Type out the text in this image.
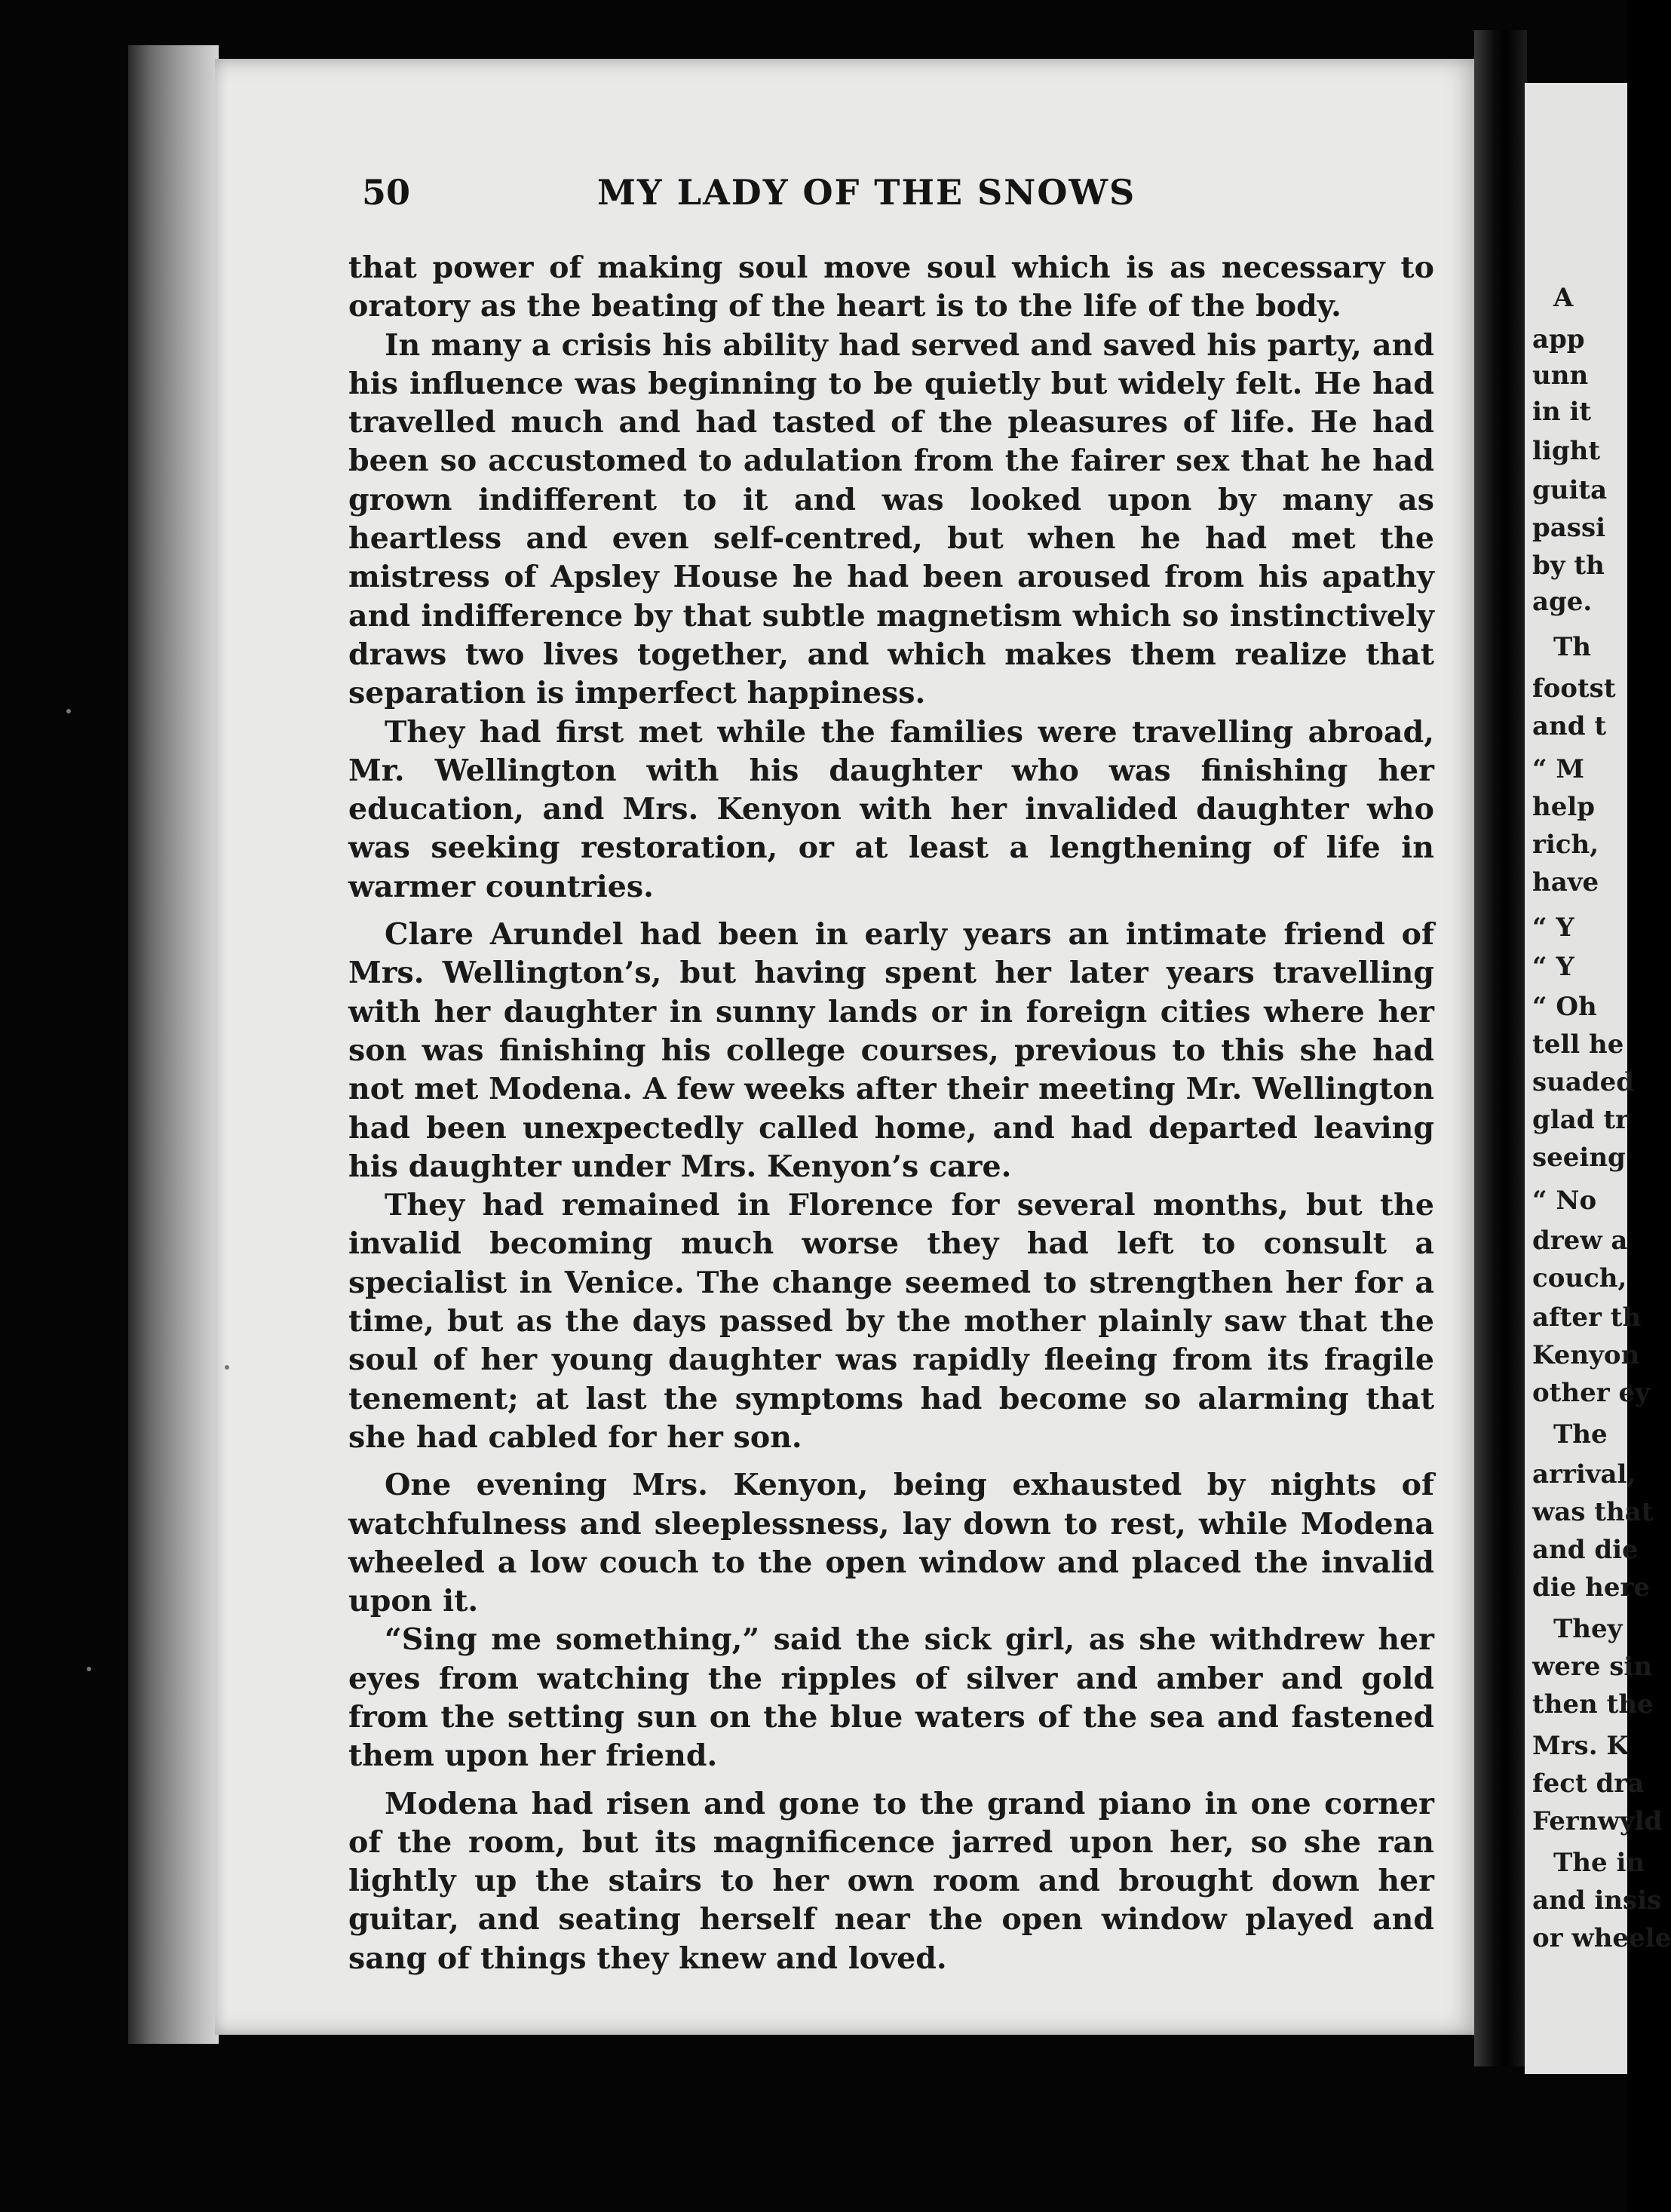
50	MY LADY OF THE SNOWS

that power of making soul move soul which is as necessary to oratory as the beating of the heart is to the life of the body.

In many a crisis his ability had served and saved his party, and his influence was beginning to be quietly but widely felt. He had travelled much and had tasted of the pleasures of life. He had been so accustomed to adulation from the fairer sex that he had grown indifferent to it and was looked upon by many as heartless and even self-centred, but when he had met the mistress of Apsley House he had been aroused from his apathy and indifference by that subtle magnetism which so instinctively draws two lives together, and which makes them realize that separation is imperfect happiness.

They had first met while the families were travelling abroad, Mr. Wellington with his daughter who was finishing her education, and Mrs. Kenyon with her invalided daughter who was seeking restoration, or at least a lengthening of life in warmer countries.

Clare Arundel had been in early years an intimate friend of Mrs. Wellington’s, but having spent her later years travelling with her daughter in sunny lands or in foreign cities where her son was finishing his college courses, previous to this she had not met Modena. A few weeks after their meeting Mr. Wellington had been unexpectedly called home, and had departed leaving his daughter under Mrs. Kenyon’s care.

They had remained in Florence for several months, but the invalid becoming much worse they had left to consult a specialist in Venice. The change seemed to strengthen her for a time, but as the days passed by the mother plainly saw that the soul of her young daughter was rapidly fleeing from its fragile tenement; at last the symptoms had become so alarming that she had cabled for her son.

One evening Mrs. Kenyon, being exhausted by nights of watchfulness and sleeplessness, lay down to rest, while Modena wheeled a low couch to the open window and placed the invalid upon it.

“Sing me something,” said the sick girl, as she withdrew her eyes from watching the ripples of silver and amber and gold from the setting sun on the blue waters of the sea and fastened them upon her friend.

Modena had risen and gone to the grand piano in one corner of the room, but its magnificence jarred upon her, so she ran lightly up the stairs to her own room and brought down her guitar, and seating herself near the open window played and sang of things they knew and loved.

A
app
unn
in it
light
guita
passi
by th
age.
Th
footst
and t
“ M
help
rich,
have
“ Y
“ Y
“ Oh
tell he
suaded
glad tr
seeing
“ No
drew a
couch,
after th
Kenyon
other ey
The
arrival,
was that
and die
die here
They
were sin
then the
Mrs. K
fect dra
Fernwyld
The in
and insis
or wheele
